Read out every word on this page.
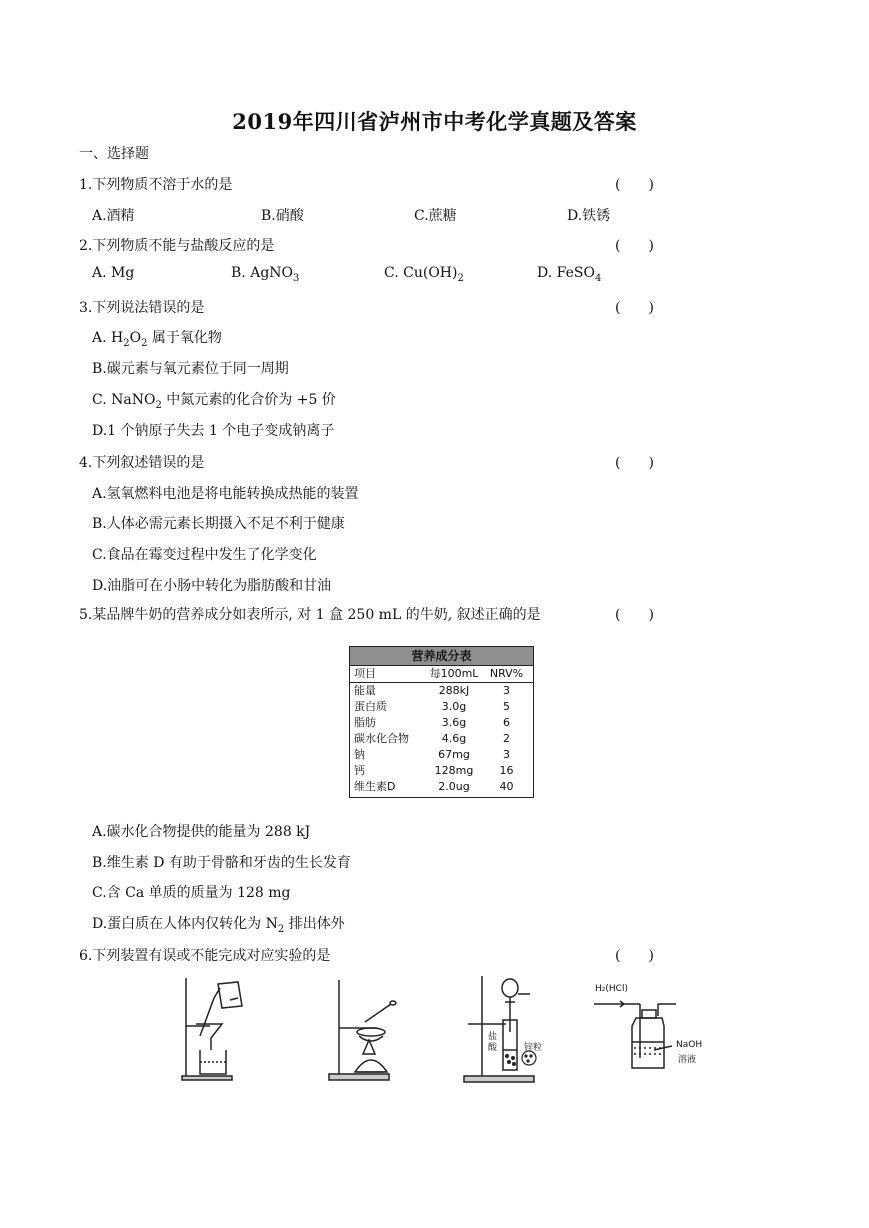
2019年四川省泸州市中考化学真题及答案
一、选择题
1.下列物质不溶于水的是	(　　)
A.酒精	B.硝酸	C.蔗糖	D.铁锈
2.下列物质不能与盐酸反应的是	(　　)
A. Mg	B. AgNO$_3$	C. $Cu(OH)_2$	D. FeSO$_4$
3.下列说法错误的是	(　　)
A. $H_2O_2$ 属于氧化物
B.碳元素与氧元素位于同一周期
C. NaNO$_2$ 中氮元素的化合价为 +5 价
D.1 个钠原子失去 1 个电子变成钠离子
4.下列叙述错误的是	(　　)
A.氢氧燃料电池是将电能转换成热能的装置
B.人体必需元素长期摄入不足不利于健康
C.食品在霉变过程中发生了化学变化
D.油脂可在小肠中转化为脂肪酸和甘油
5.某品牌牛奶的营养成分如表所示, 对 1 盒 250 mL 的牛奶, 叙述正确的是	(　　)
营养成分表
项目	每100mL	NRV%
能量	288kJ	3
蛋白质	3.0g	5
脂肪	3.6g	6
碳水化合物	4.6g	2
钠	67mg	3
钙	128mg	16
维生素D	2.0ug	40
A.碳水化合物提供的能量为 288 kJ
B.维生素 D 有助于骨骼和牙齿的生长发育
C.含 Ca 单质的质量为 128 mg
D.蛋白质在人体内仅转化为 $N_2$ 排出体外
6.下列装置有误或不能完成对应实验的是	(　　)
盐酸	锌粒
H₂(HCl)
NaOH
溶液
